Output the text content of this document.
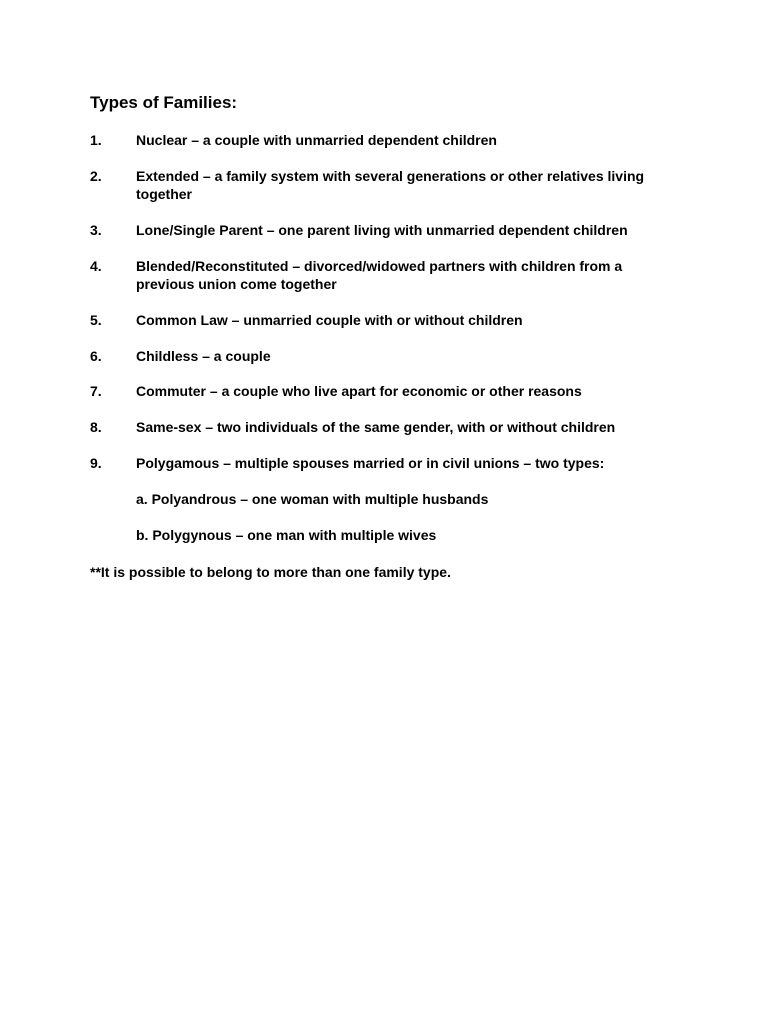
Types of Families:
1. Nuclear – a couple with unmarried dependent children
2. Extended – a family system with several generations or other relatives living together
3. Lone/Single Parent – one parent living with unmarried dependent children
4. Blended/Reconstituted – divorced/widowed partners with children from a previous union come together
5. Common Law – unmarried couple with or without children
6. Childless – a couple
7. Commuter – a couple who live apart for economic or other reasons
8. Same-sex – two individuals of the same gender, with or without children
9. Polygamous – multiple spouses married or in civil unions – two types:
a. Polyandrous – one woman with multiple husbands
b. Polygynous – one man with multiple wives
**It is possible to belong to more than one family type.
